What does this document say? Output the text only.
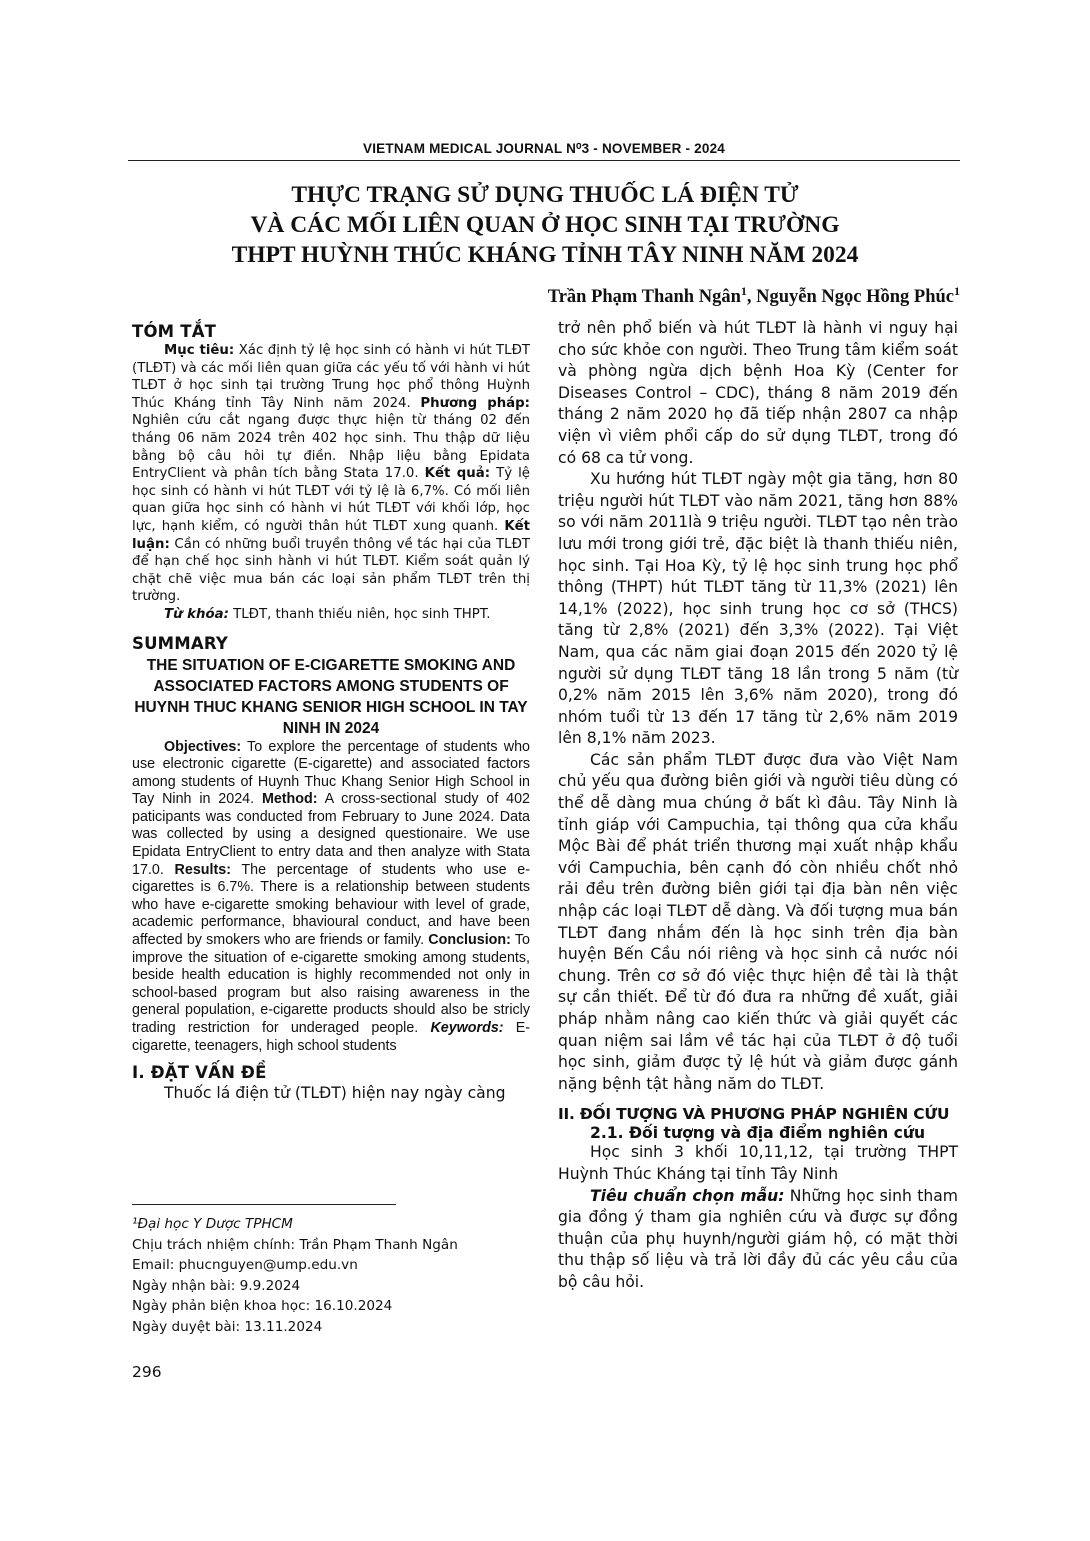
VIETNAM MEDICAL JOURNAL N⁰3 - NOVEMBER - 2024
THỰC TRẠNG SỬ DỤNG THUỐC LÁ ĐIỆN TỬ
VÀ CÁC MỐI LIÊN QUAN Ở HỌC SINH TẠI TRƯỜNG
THPT HUỲNH THÚC KHÁNG TỈNH TÂY NINH NĂM 2024
Trần Phạm Thanh Ngân$^1$, Nguyễn Ngọc Hồng Phúc$^1$
TÓM TẮT

Mục tiêu: Xác định tỷ lệ học sinh có hành vi hút TLĐT (TLĐT) và các mối liên quan giữa các yếu tố với hành vi hút TLĐT ở học sinh tại trường Trung học phổ thông Huỳnh Thúc Kháng tỉnh Tây Ninh năm 2024. Phương pháp: Nghiên cứu cắt ngang được thực hiện từ tháng 02 đến tháng 06 năm 2024 trên 402 học sinh. Thu thập dữ liệu bằng bộ câu hỏi tự điền. Nhập liệu bằng Epidata EntryClient và phân tích bằng Stata 17.0. Kết quả: Tỷ lệ học sinh có hành vi hút TLĐT với tỷ lệ là 6,7%. Có mối liên quan giữa học sinh có hành vi hút TLĐT với khối lớp, học lực, hạnh kiểm, có người thân hút TLĐT xung quanh. Kết luận: Cần có những buổi truyền thông về tác hại của TLĐT để hạn chế học sinh hành vi hút TLĐT. Kiểm soát quản lý chặt chẽ việc mua bán các loại sản phẩm TLĐT trên thị trường.

Từ khóa: TLĐT, thanh thiếu niên, học sinh THPT.

SUMMARY
THE SITUATION OF E-CIGARETTE SMOKING AND ASSOCIATED FACTORS AMONG STUDENTS OF HUYNH THUC KHANG SENIOR HIGH SCHOOL IN TAY NINH IN 2024

Objectives: To explore the percentage of students who use electronic cigarette (E-cigarette) and associated factors among students of Huynh Thuc Khang Senior High School in Tay Ninh in 2024. Method: A cross-sectional study of 402 paticipants was conducted from February to June 2024. Data was collected by using a designed questionaire. We use Epidata EntryClient to entry data and then analyze with Stata 17.0. Results: The percentage of students who use e-cigarettes is 6.7%. There is a relationship between students who have e-cigarette smoking behaviour with level of grade, academic performance, bhavioural conduct, and have been affected by smokers who are friends or family. Conclusion: To improve the situation of e-cigarette smoking among students, beside health education is highly recommended not only in school-based program but also raising awareness in the general population, e-cigarette products should also be stricly trading restriction for underaged people. Keywords: E-cigarette, teenagers, high school students

I. ĐẶT VẤN ĐỀ

Thuốc lá điện tử (TLĐT) hiện nay ngày càng

trở nên phổ biến và hút TLĐT là hành vi nguy hại cho sức khỏe con người. Theo Trung tâm kiểm soát và phòng ngừa dịch bệnh Hoa Kỳ (Center for Diseases Control – CDC), tháng 8 năm 2019 đến tháng 2 năm 2020 họ đã tiếp nhận 2807 ca nhập viện vì viêm phổi cấp do sử dụng TLĐT, trong đó có 68 ca tử vong.

Xu hướng hút TLĐT ngày một gia tăng, hơn 80 triệu người hút TLĐT vào năm 2021, tăng hơn 88% so với năm 2011là 9 triệu người. TLĐT tạo nên trào lưu mới trong giới trẻ, đặc biệt là thanh thiếu niên, học sinh. Tại Hoa Kỳ, tỷ lệ học sinh trung học phổ thông (THPT) hút TLĐT tăng từ 11,3% (2021) lên 14,1% (2022), học sinh trung học cơ sở (THCS) tăng từ 2,8% (2021) đến 3,3% (2022). Tại Việt Nam, qua các năm giai đoạn 2015 đến 2020 tỷ lệ người sử dụng TLĐT tăng 18 lần trong 5 năm (từ 0,2% năm 2015 lên 3,6% năm 2020), trong đó nhóm tuổi từ 13 đến 17 tăng từ 2,6% năm 2019 lên 8,1% năm 2023.

Các sản phẩm TLĐT được đưa vào Việt Nam chủ yếu qua đường biên giới và người tiêu dùng có thể dễ dàng mua chúng ở bất kì đâu. Tây Ninh là tỉnh giáp với Campuchia, tại thông qua cửa khẩu Mộc Bài để phát triển thương mại xuất nhập khẩu với Campuchia, bên cạnh đó còn nhiều chốt nhỏ rải đều trên đường biên giới tại địa bàn nên việc nhập các loại TLĐT dễ dàng. Và đối tượng mua bán TLĐT đang nhắm đến là học sinh trên địa bàn huyện Bến Cầu nói riêng và học sinh cả nước nói chung. Trên cơ sở đó việc thực hiện đề tài là thật sự cần thiết. Để từ đó đưa ra những đề xuất, giải pháp nhằm nâng cao kiến thức và giải quyết các quan niệm sai lầm về tác hại của TLĐT ở độ tuổi học sinh, giảm được tỷ lệ hút và giảm được gánh nặng bệnh tật hằng năm do TLĐT.

II. ĐỐI TƯỢNG VÀ PHƯƠNG PHÁP NGHIÊN CỨU
2.1. Đối tượng và địa điểm nghiên cứu

Học sinh 3 khối 10,11,12, tại trường THPT Huỳnh Thúc Kháng tại tỉnh Tây Ninh

Tiêu chuẩn chọn mẫu: Những học sinh tham gia đồng ý tham gia nghiên cứu và được sự đồng thuận của phụ huynh/người giám hộ, có mặt thời thu thập số liệu và trả lời đầy đủ các yêu cầu của bộ câu hỏi.

¹Đại học Y Dược TPHCM
Chịu trách nhiệm chính: Trần Phạm Thanh Ngân
Email: phucnguyen@ump.edu.vn
Ngày nhận bài: 9.9.2024
Ngày phản biện khoa học: 16.10.2024
Ngày duyệt bài: 13.11.2024
296
